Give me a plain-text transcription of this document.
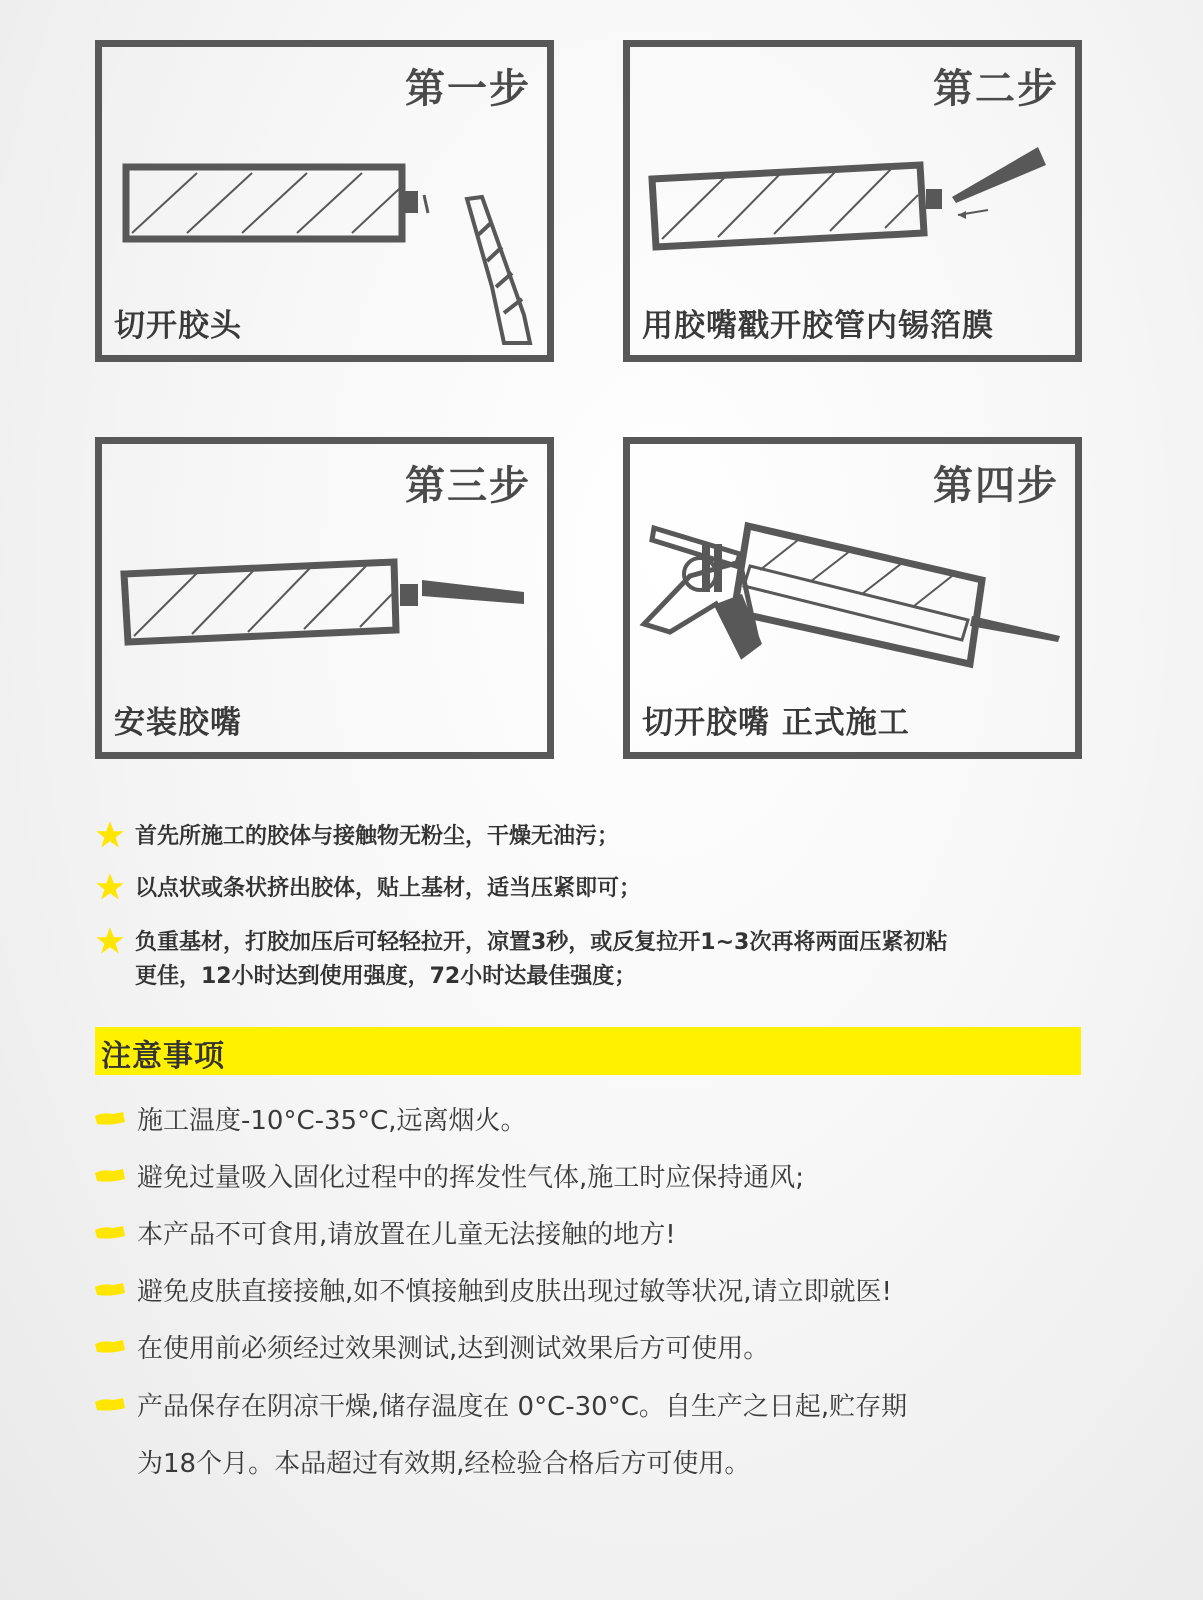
第一步
切开胶头
第二步
用胶嘴戳开胶管内锡箔膜
第三步
安装胶嘴
第四步
切开胶嘴 正式施工
首先所施工的胶体与接触物无粉尘，干燥无油污；
以点状或条状挤出胶体，贴上基材，适当压紧即可；
负重基材，打胶加压后可轻轻拉开，凉置3秒，或反复拉开1~3次再将两面压紧初粘
更佳，12小时达到使用强度，72小时达最佳强度；
注意事项
施工温度-10°C-35°C,远离烟火。
避免过量吸入固化过程中的挥发性气体,施工时应保持通风;
本产品不可食用,请放置在儿童无法接触的地方!
避免皮肤直接接触,如不慎接触到皮肤出现过敏等状况,请立即就医!
在使用前必须经过效果测试,达到测试效果后方可使用。
产品保存在阴凉干燥,储存温度在 0°C-30°C。自生产之日起,贮存期
为18个月。本品超过有效期,经检验合格后方可使用。
